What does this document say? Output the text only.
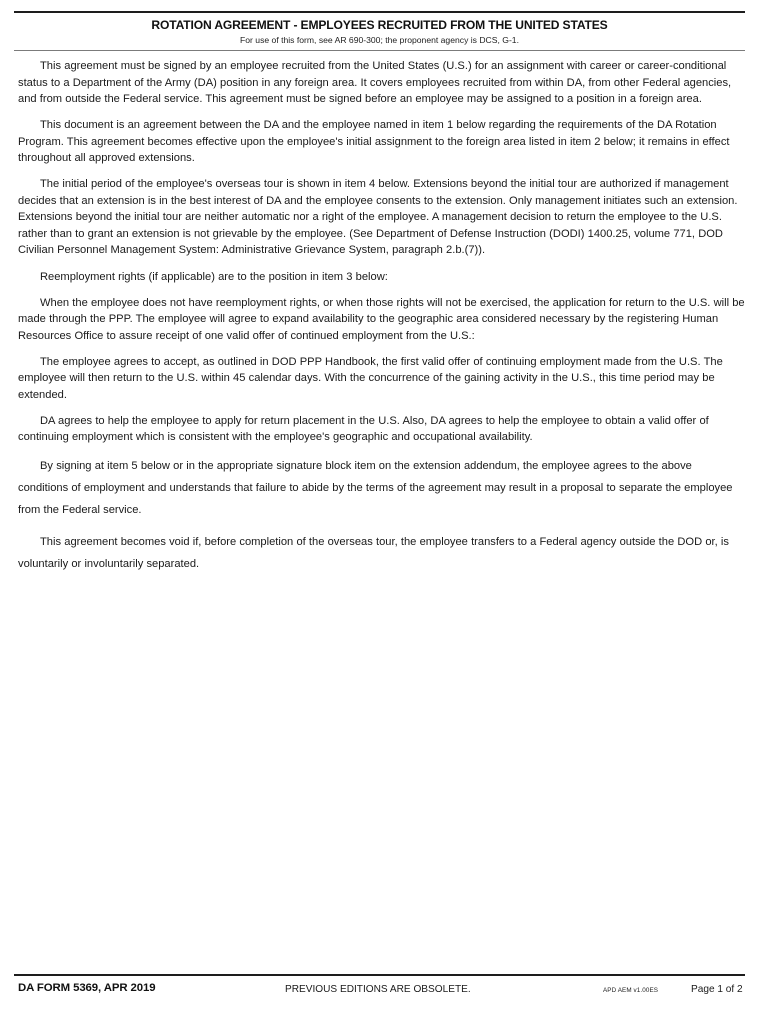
ROTATION AGREEMENT - EMPLOYEES RECRUITED FROM THE UNITED STATES
For use of this form, see AR 690-300; the proponent agency is DCS, G-1.

This agreement must be signed by an employee recruited from the United States (U.S.) for an assignment with career or career-conditional status to a Department of the Army (DA) position in any foreign area. It covers employees recruited from within DA, from other Federal agencies, and from outside the Federal service. This agreement must be signed before an employee may be assigned to a position in a foreign area.

This document is an agreement between the DA and the employee named in item 1 below regarding the requirements of the DA Rotation Program. This agreement becomes effective upon the employee's initial assignment to the foreign area listed in item 2 below; it remains in effect throughout all approved extensions.

The initial period of the employee's overseas tour is shown in item 4 below. Extensions beyond the initial tour are authorized if management decides that an extension is in the best interest of DA and the employee consents to the extension. Only management initiates such an extension. Extensions beyond the initial tour are neither automatic nor a right of the employee. A management decision to return the employee to the U.S. rather than to grant an extension is not grievable by the employee. (See Department of Defense Instruction (DODI) 1400.25, volume 771, DOD Civilian Personnel Management System: Administrative Grievance System, paragraph 2.b.(7)).

Reemployment rights (if applicable) are to the position in item 3 below:

When the employee does not have reemployment rights, or when those rights will not be exercised, the application for return to the U.S. will be made through the PPP. The employee will agree to expand availability to the geographic area considered necessary by the registering Human Resources Office to assure receipt of one valid offer of continued employment from the U.S.:

The employee agrees to accept, as outlined in DOD PPP Handbook, the first valid offer of continuing employment made from the U.S. The employee will then return to the U.S. within 45 calendar days. With the concurrence of the gaining activity in the U.S., this time period may be extended.

DA agrees to help the employee to apply for return placement in the U.S. Also, DA agrees to help the employee to obtain a valid offer of continuing employment which is consistent with the employee's geographic and occupational availability.

By signing at item 5 below or in the appropriate signature block item on the extension addendum, the employee agrees to the above conditions of employment and understands that failure to abide by the terms of the agreement may result in a proposal to separate the employee from the Federal service.

This agreement becomes void if, before completion of the overseas tour, the employee transfers to a Federal agency outside the DOD or, is voluntarily or involuntarily separated.

DA FORM 5369, APR 2019	PREVIOUS EDITIONS ARE OBSOLETE.	APD AEM v1.00ES	Page 1 of 2
